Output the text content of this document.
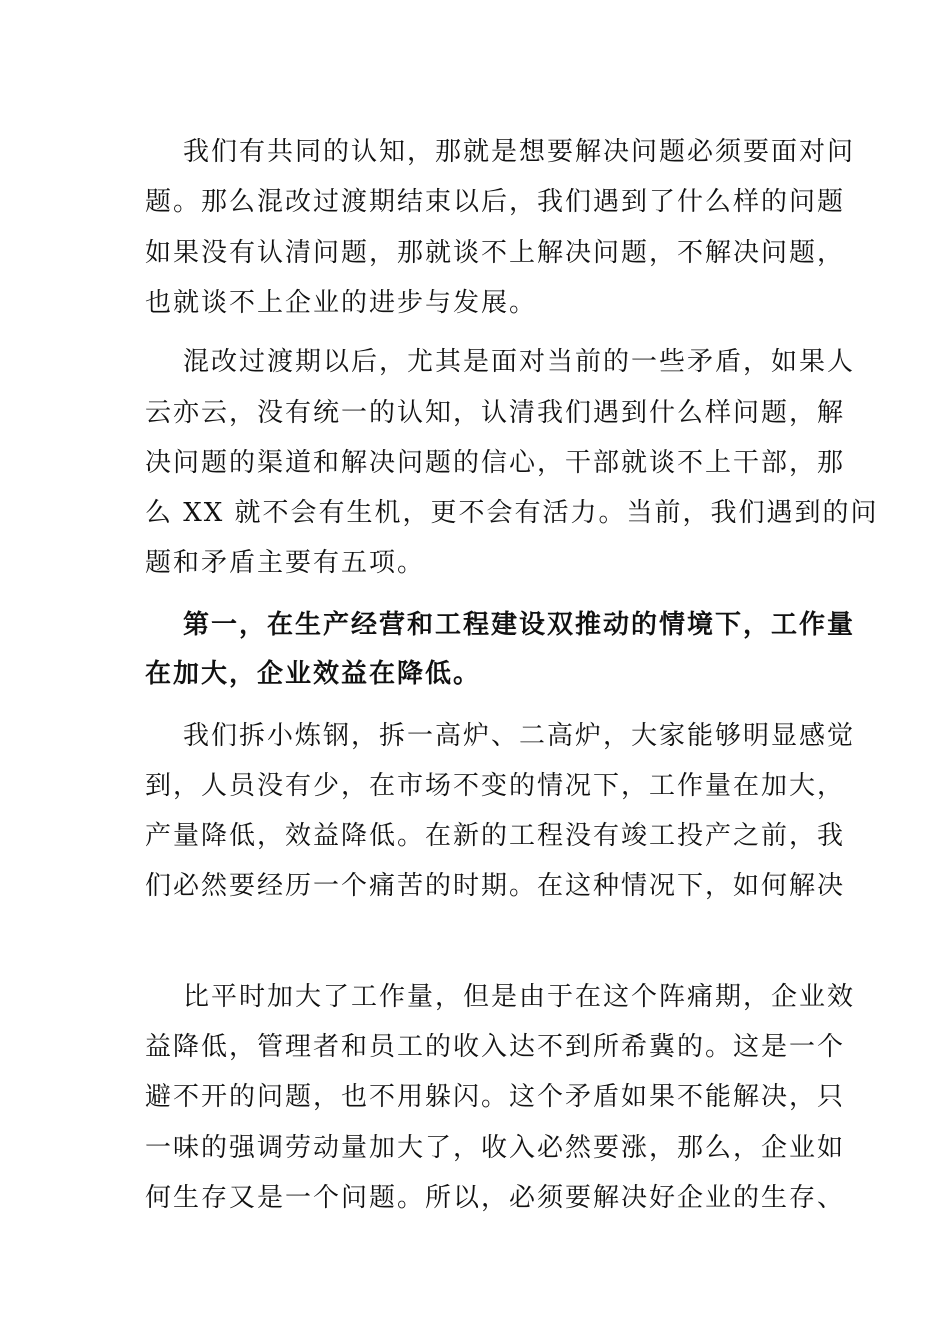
我们有共同的认知，那就是想要解决问题必须要面对问
题。那么混改过渡期结束以后，我们遇到了什么样的问题
如果没有认清问题，那就谈不上解决问题，不解决问题，
也就谈不上企业的进步与发展。
混改过渡期以后，尤其是面对当前的一些矛盾，如果人
云亦云，没有统一的认知，认清我们遇到什么样问题，解
决问题的渠道和解决问题的信心，干部就谈不上干部，那
么 XX 就不会有生机，更不会有活力。当前，我们遇到的问
题和矛盾主要有五项。
第一，在生产经营和工程建设双推动的情境下，工作量
在加大，企业效益在降低。
我们拆小炼钢，拆一高炉、二高炉，大家能够明显感觉
到，人员没有少，在市场不变的情况下，工作量在加大，
产量降低，效益降低。在新的工程没有竣工投产之前，我
们必然要经历一个痛苦的时期。在这种情况下，如何解决
比平时加大了工作量，但是由于在这个阵痛期，企业效
益降低，管理者和员工的收入达不到所希冀的。这是一个
避不开的问题，也不用躲闪。这个矛盾如果不能解决，只
一味的强调劳动量加大了，收入必然要涨，那么，企业如
何生存又是一个问题。所以，必须要解决好企业的生存、
